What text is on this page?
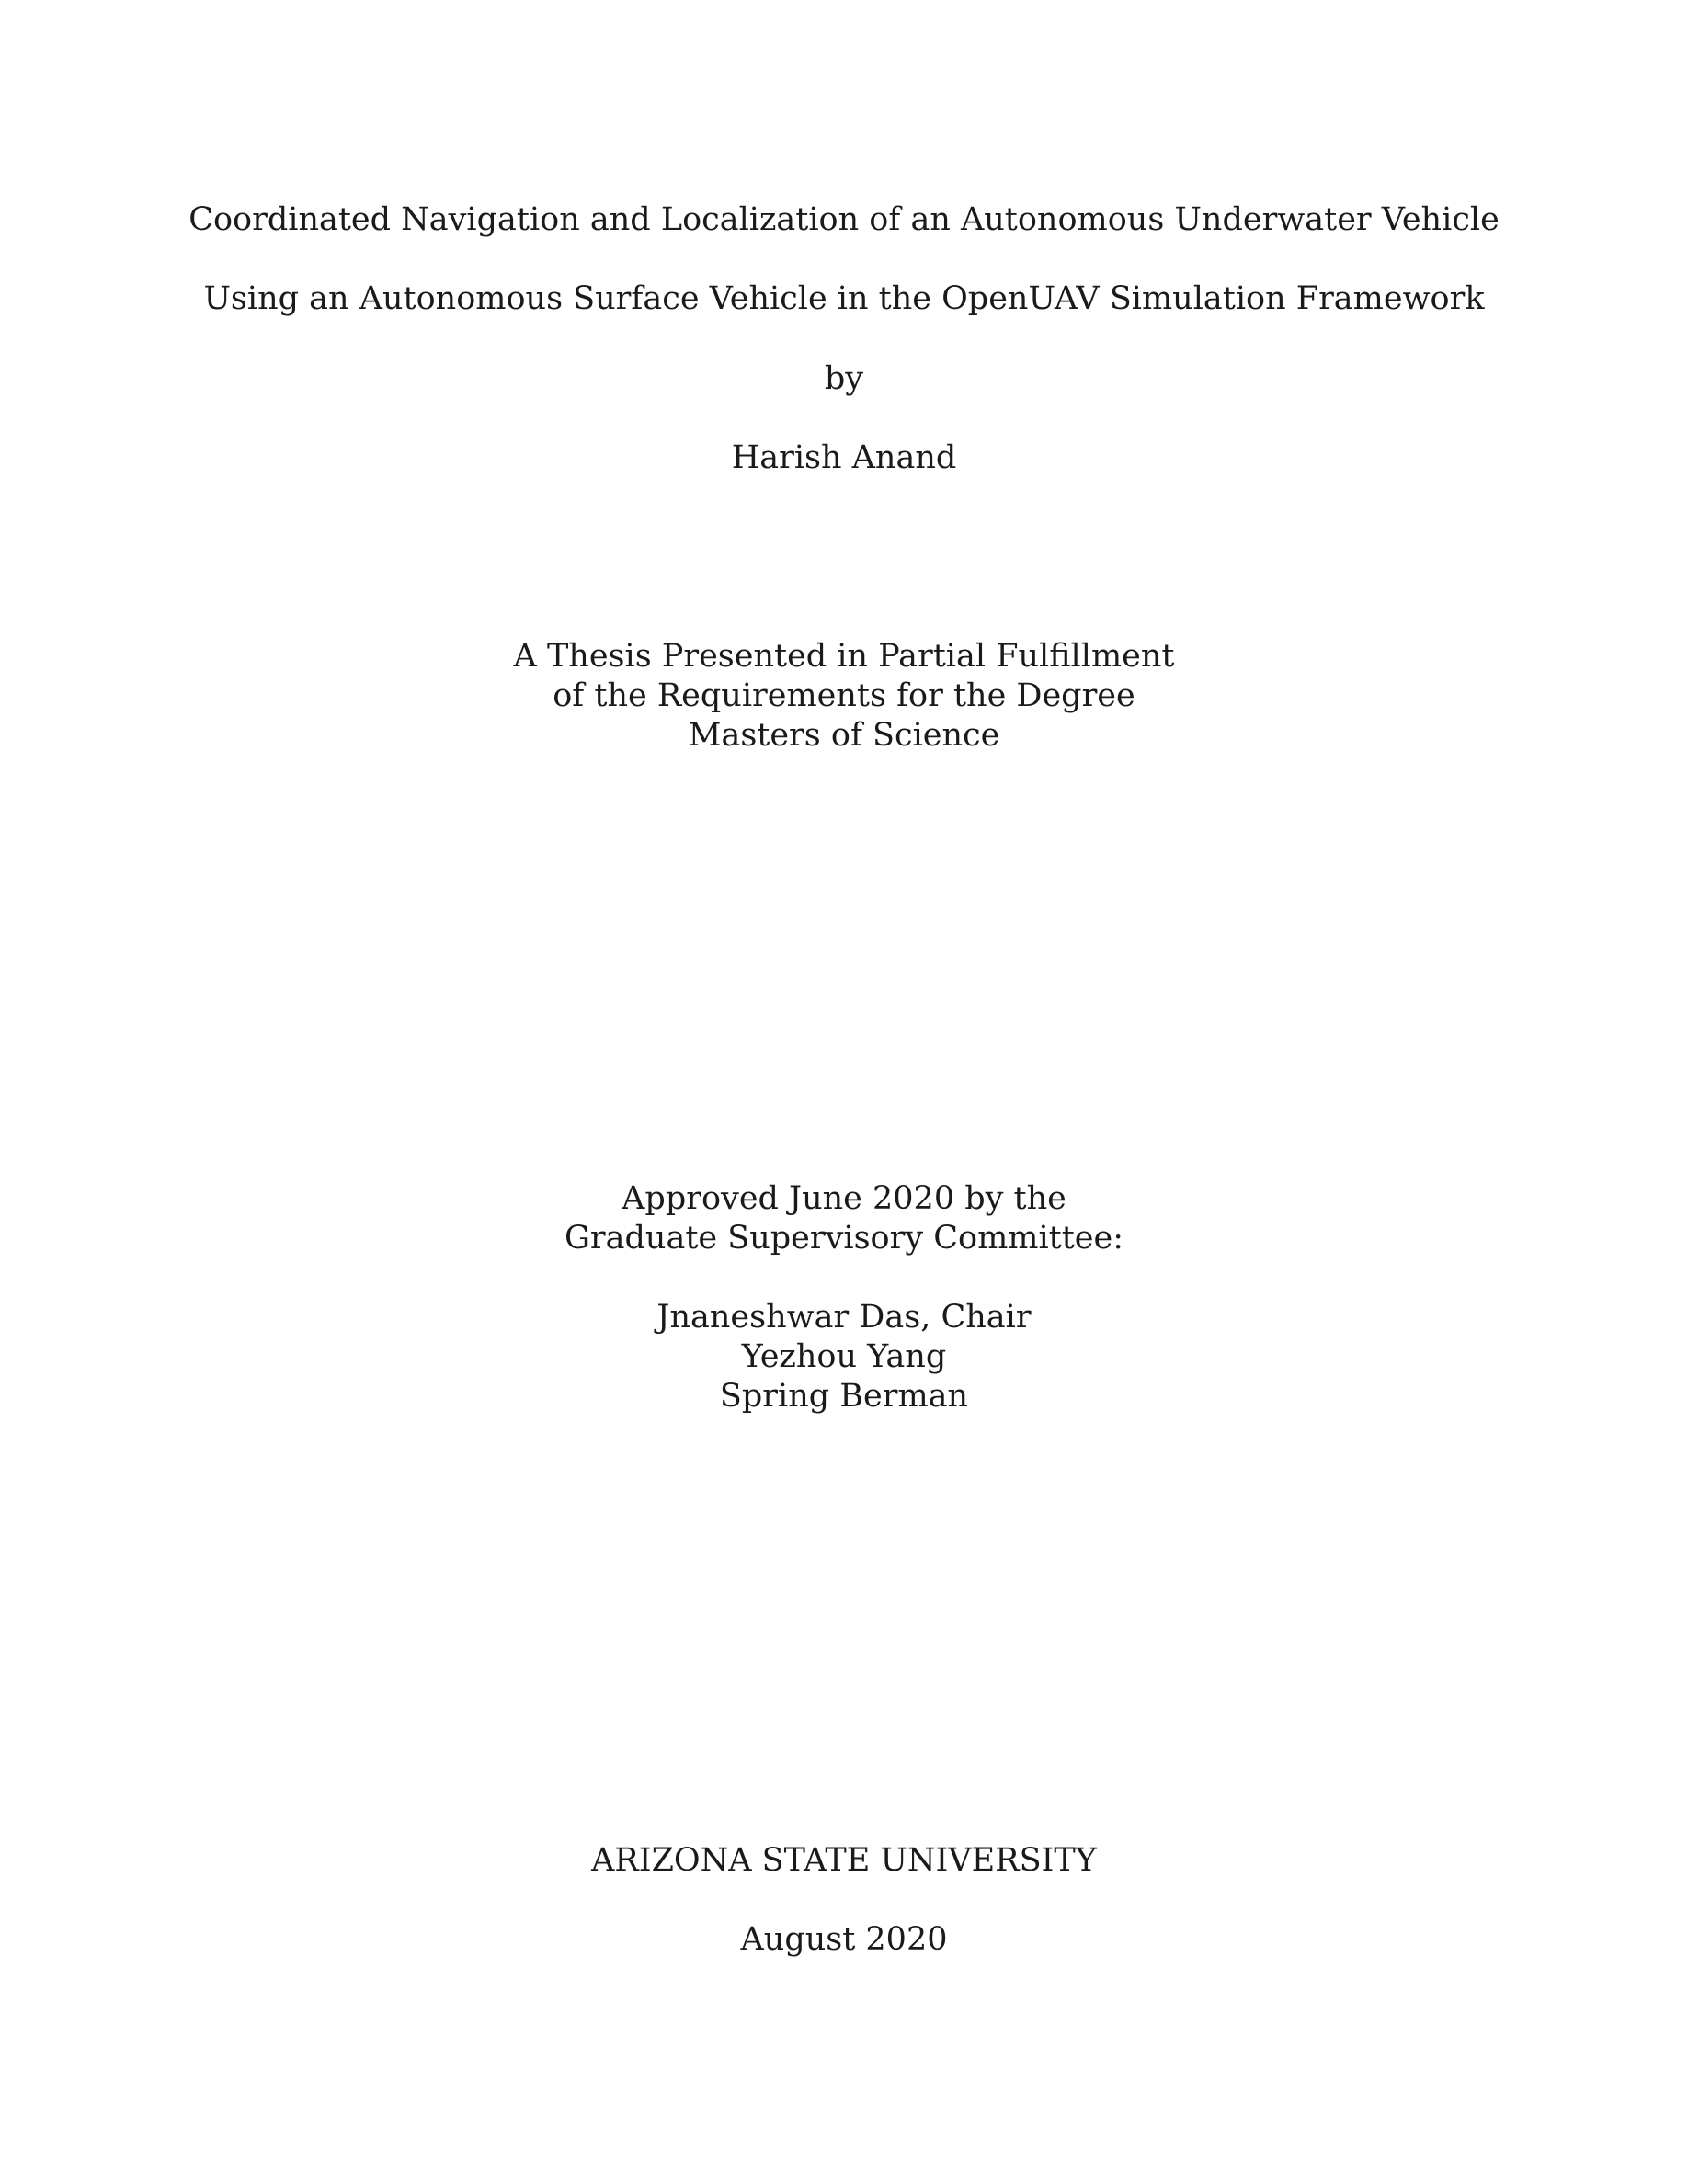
Coordinated Navigation and Localization of an Autonomous Underwater Vehicle
Using an Autonomous Surface Vehicle in the OpenUAV Simulation Framework
by
Harish Anand
A Thesis Presented in Partial Fulfillment
of the Requirements for the Degree
Masters of Science
Approved June 2020 by the
Graduate Supervisory Committee:
Jnaneshwar Das, Chair
Yezhou Yang
Spring Berman
ARIZONA STATE UNIVERSITY
August 2020
